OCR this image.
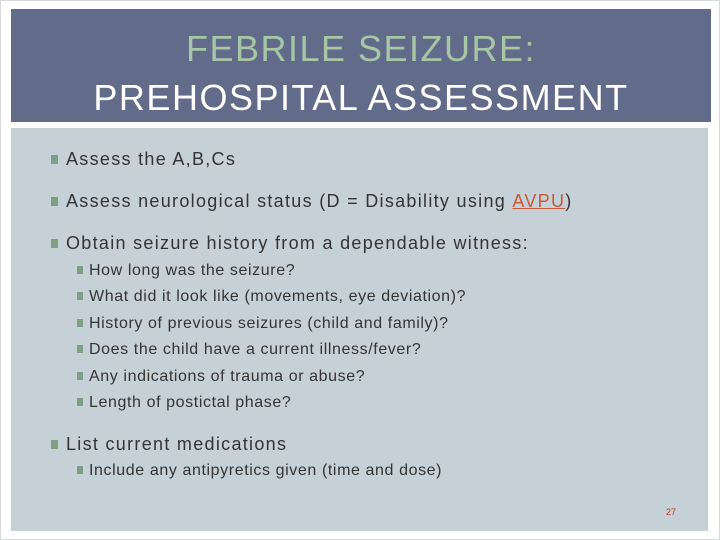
FEBRILE SEIZURE:
PREHOSPITAL ASSESSMENT
Assess the A,B,Cs
Assess neurological status (D = Disability using AVPU )
Obtain seizure history from a dependable witness:
How long was the seizure?
What did it look like (movements, eye deviation)?
History of previous seizures (child and family)?
Does the child have a current illness/fever?
Any indications of trauma or abuse?
Length of postictal phase?
List current medications
Include any antipyretics given (time and dose)
27
